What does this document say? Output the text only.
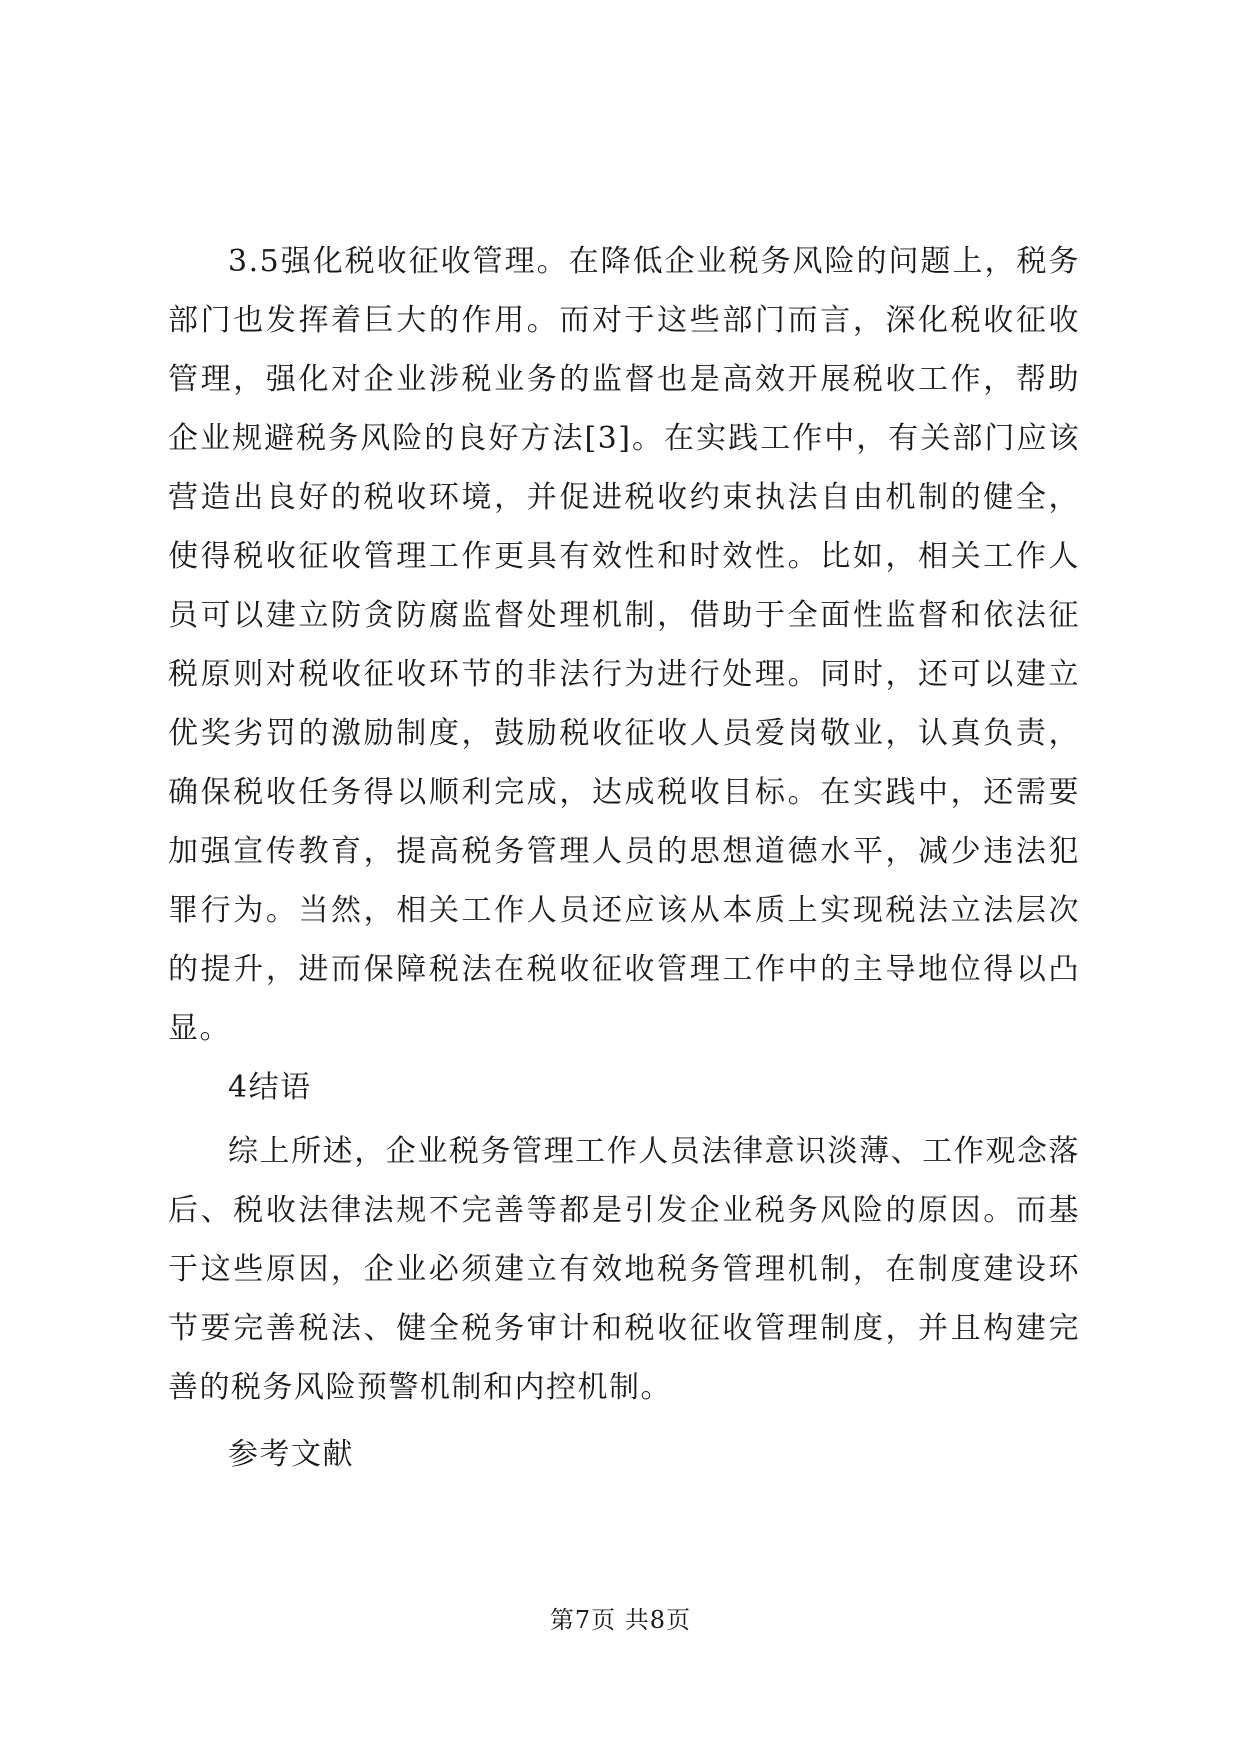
3.5强化税收征收管理。在降低企业税务风险的问题上，税务部门也发挥着巨大的作用。而对于这些部门而言，深化税收征收管理，强化对企业涉税业务的监督也是高效开展税收工作，帮助企业规避税务风险的良好方法[3]。在实践工作中，有关部门应该营造出良好的税收环境，并促进税收约束执法自由机制的健全，使得税收征收管理工作更具有效性和时效性。比如，相关工作人员可以建立防贪防腐监督处理机制，借助于全面性监督和依法征税原则对税收征收环节的非法行为进行处理。同时，还可以建立优奖劣罚的激励制度，鼓励税收征收人员爱岗敬业，认真负责，确保税收任务得以顺利完成，达成税收目标。在实践中，还需要加强宣传教育，提高税务管理人员的思想道德水平，减少违法犯罪行为。当然，相关工作人员还应该从本质上实现税法立法层次的提升，进而保障税法在税收征收管理工作中的主导地位得以凸显。

4结语

综上所述，企业税务管理工作人员法律意识淡薄、工作观念落后、税收法律法规不完善等都是引发企业税务风险的原因。而基于这些原因，企业必须建立有效地税务管理机制，在制度建设环节要完善税法、健全税务审计和税收征收管理制度，并且构建完善的税务风险预警机制和内控机制。

参考文献

第7页 共8页
